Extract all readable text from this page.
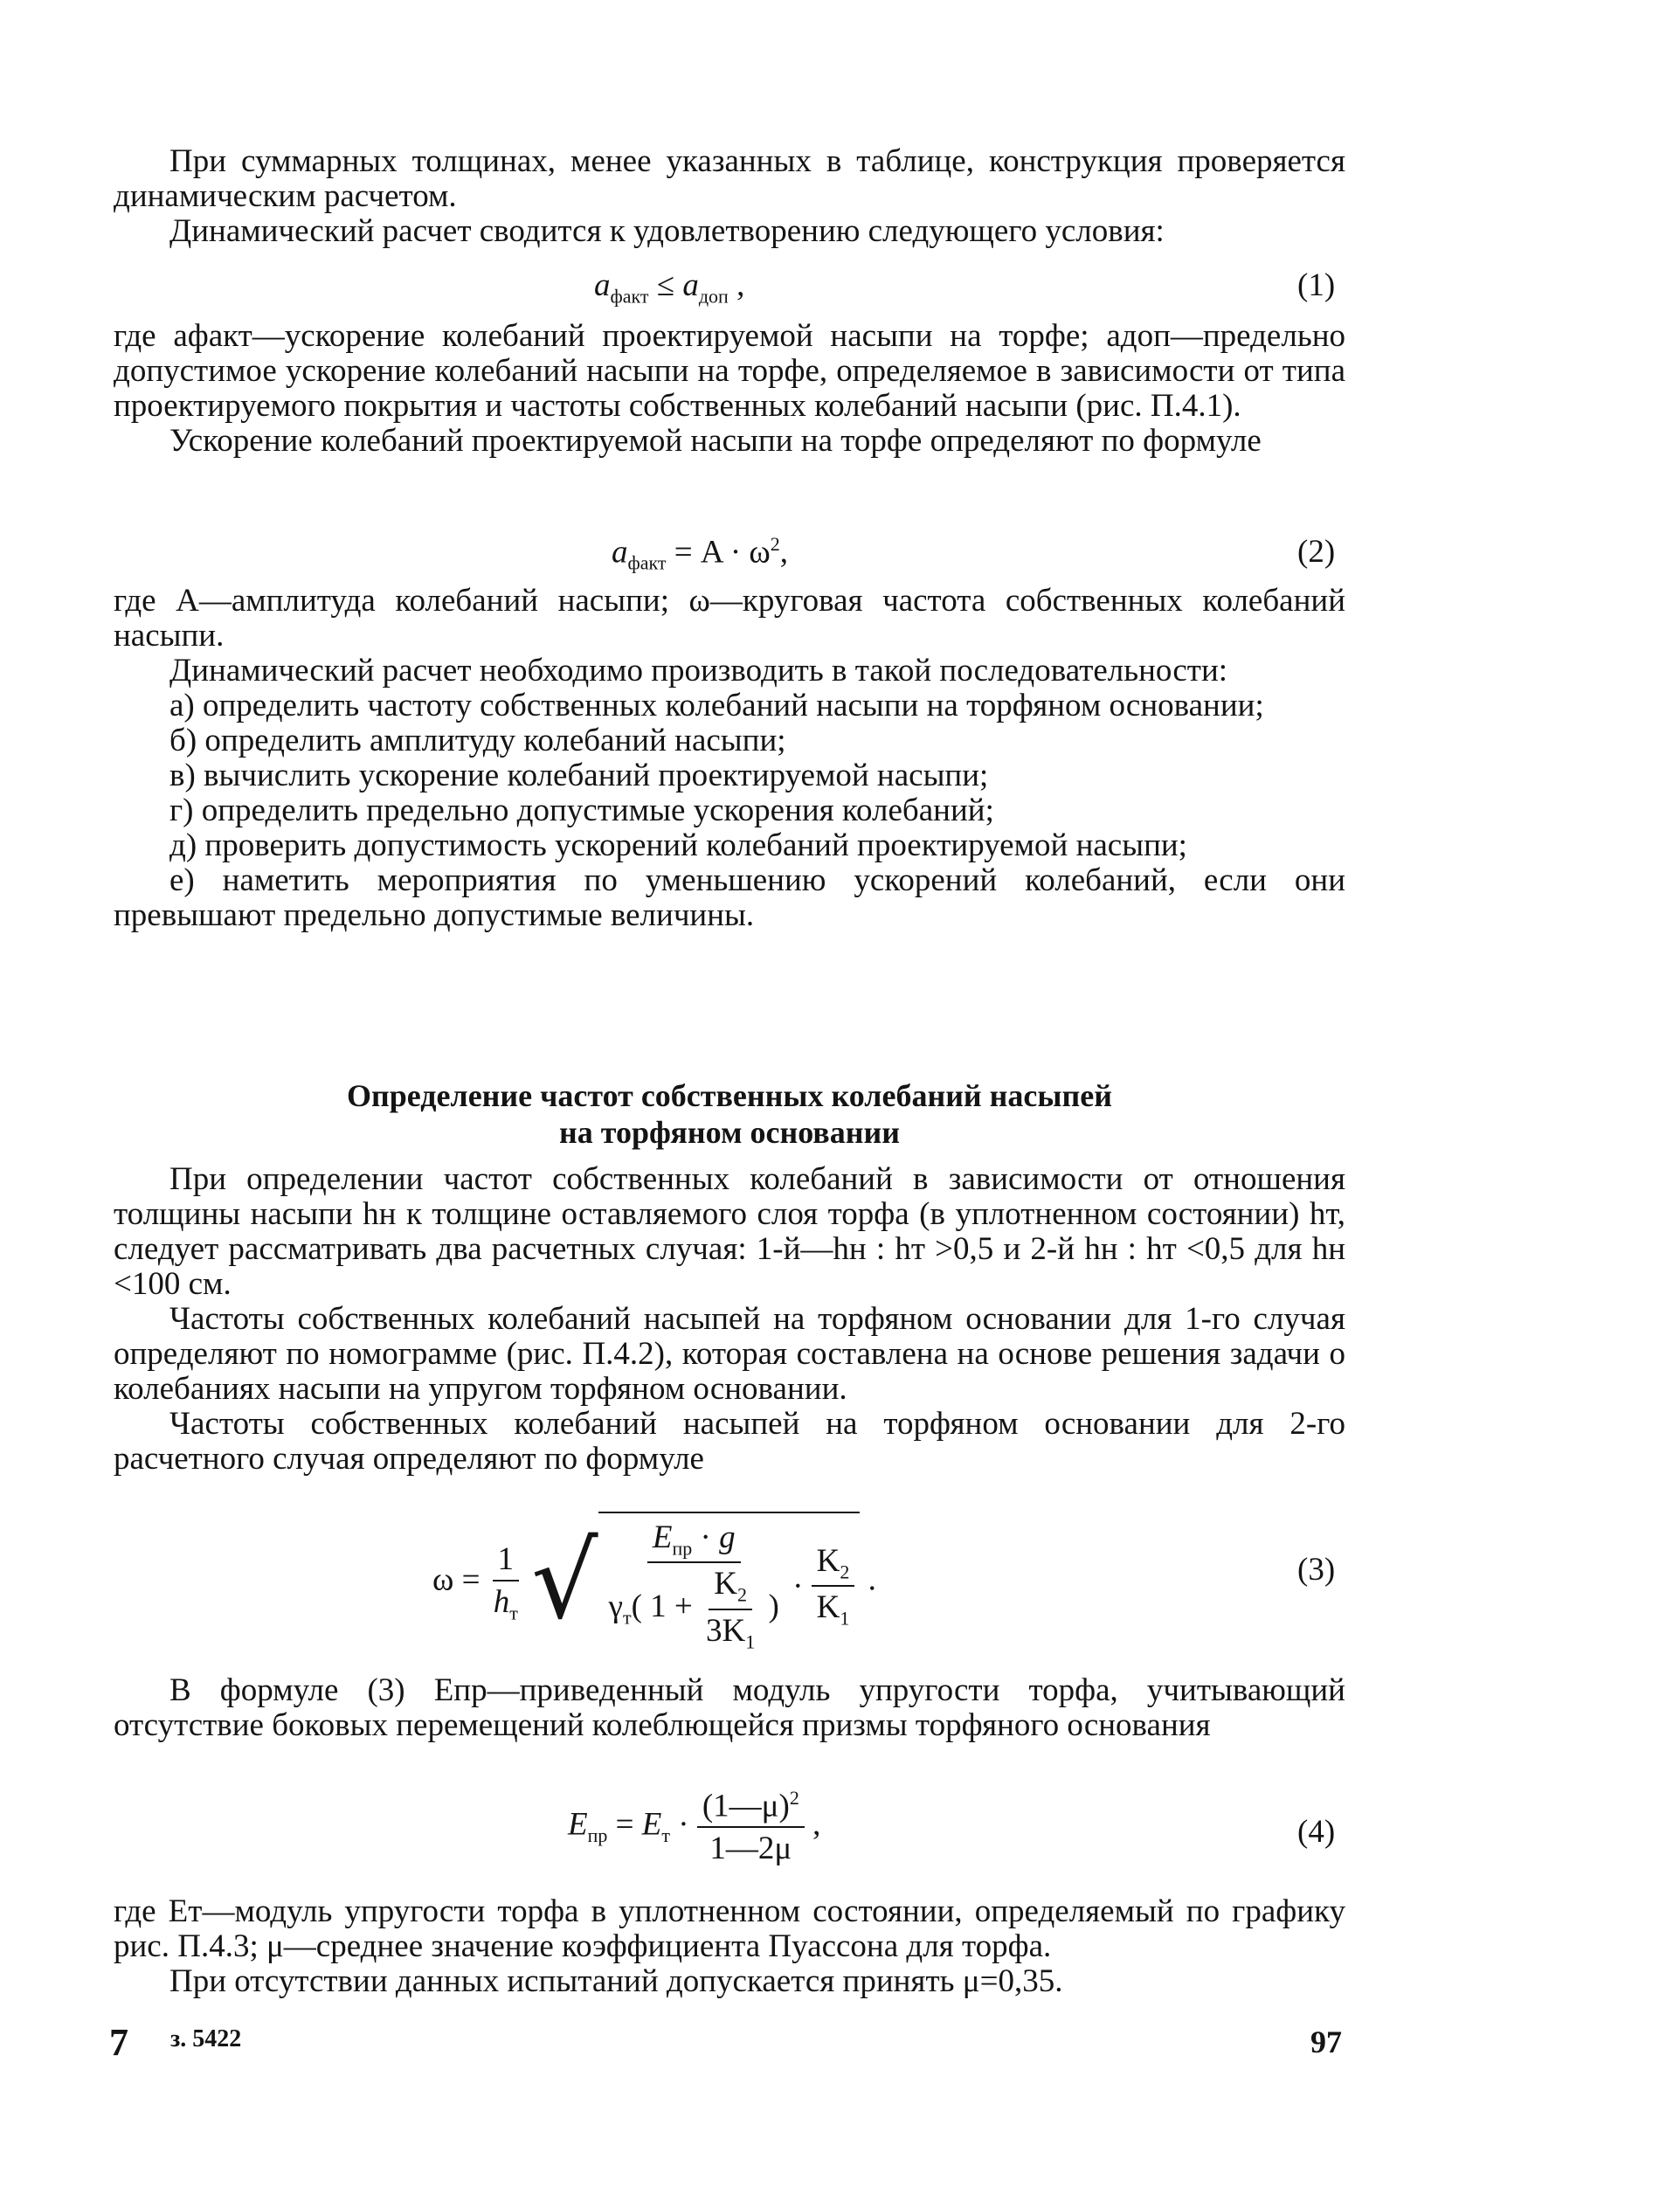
При суммарных толщинах, менее указанных в таблице, конструкция проверяется динамическим расчетом.

Динамический расчет сводится к удовлетворению следующего условия:

$a_{факт} \le a_{доп}$ ,	(1)

где aфакт—ускорение колебаний проектируемой насыпи на торфе; aдоп—предельно допустимое ускорение колебаний насыпи на торфе, определяемое в зависимости от типа проектируемого покрытия и частоты собственных колебаний насыпи (рис. П.4.1).

Ускорение колебаний проектируемой насыпи на торфе определяют по формуле

$a_{факт} = A \cdot \omega^2$,	(2)

где A—амплитуда колебаний насыпи; ω—круговая частота собственных колебаний насыпи.

Динамический расчет необходимо производить в такой последовательности:

а) определить частоту собственных колебаний насыпи на торфяном основании;

б) определить амплитуду колебаний насыпи;

в) вычислить ускорение колебаний проектируемой насыпи;

г) определить предельно допустимые ускорения колебаний;

д) проверить допустимость ускорений колебаний проектируемой насыпи;

е) наметить мероприятия по уменьшению ускорений колебаний, если они превышают предельно допустимые величины.

Определение частот собственных колебаний насыпей
на торфяном основании

При определении частот собственных колебаний в зависимости от отношения толщины насыпи hн к толщине оставляемого слоя торфа (в уплотненном состоянии) hт, следует рассматривать два расчетных случая: 1-й—hн : hт >0,5 и 2-й hн : hт <0,5 для hн <100 см.

Частоты собственных колебаний насыпей на торфяном основании для 1-го случая определяют по номограмме (рис. П.4.2), которая составлена на основе решения задачи о колебаниях насыпи на упругом торфяном основании.

Частоты собственных колебаний насыпей на торфяном основании для 2-го расчетного случая определяют по формуле

$\omega = \frac{1}{h_т}$
√ $\frac{E_{пр} \cdot g}{\gamma_т( 1 + \frac{K_2}{3K_1} )} \cdot \frac{K_2}{K_1}$ .	(3)

В формуле (3) Eпр—приведенный модуль упругости торфа, учитывающий отсутствие боковых перемещений колеблющейся призмы торфяного основания

$E_{пр} = E_т \cdot \frac{(1—\mu)^2}{1—2\mu}$ ,	(4)

где Eт—модуль упругости торфа в уплотненном состоянии, определяемый по графику рис. П.4.3; μ—среднее значение коэффициента Пуассона для торфа.

При отсутствии данных испытаний допускается принять μ=0,35.

7 з. 5422	97
